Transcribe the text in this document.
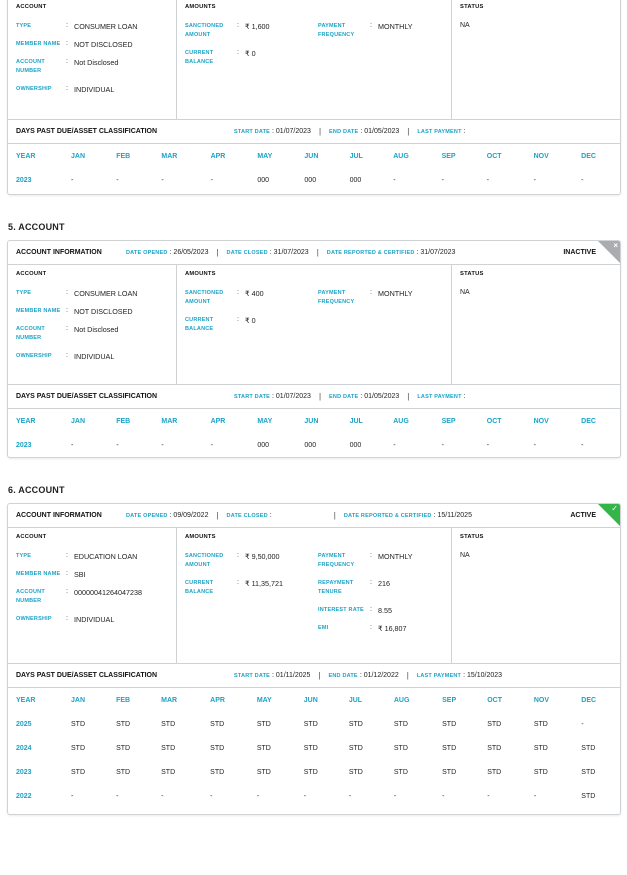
ACCOUNT
TYPE	: CONSUMER LOAN
MEMBER NAME : NOT DISCLOSED
ACCOUNT NUMBER
: Not Disclosed
OWNERSHIP	: INDIVIDUAL
AMOUNTS
SANCTIONED AMOUNT
: ₹ 1,600
CURRENT BALANCE
: ₹ 0
PAYMENT FREQUENCY
: MONTHLY
STATUS
NA
DAYS PAST DUE/ASSET CLASSIFICATION	START DATE : 01/07/2023 | END DATE : 01/05/2023 | LAST PAYMENT :
YEAR	JAN	FEB	MAR	APR	MAY	JUN	JUL	AUG	SEP	OCT	NOV	DEC
2023	-	-	-	-	000	000	000	-	-	-	-	-
5. ACCOUNT
ACCOUNT INFORMATION	DATE OPENED : 26/05/2023 | DATE CLOSED : 31/07/2023 | DATE REPORTED & CERTIFIED : 31/07/2023	INACTIVE
×
ACCOUNT
TYPE	: CONSUMER LOAN
MEMBER NAME : NOT DISCLOSED
ACCOUNT NUMBER
: Not Disclosed
OWNERSHIP	: INDIVIDUAL
AMOUNTS
SANCTIONED AMOUNT
: ₹ 400
CURRENT BALANCE
: ₹ 0
PAYMENT FREQUENCY
: MONTHLY
STATUS
NA
DAYS PAST DUE/ASSET CLASSIFICATION	START DATE : 01/07/2023 | END DATE : 01/05/2023 | LAST PAYMENT :
YEAR	JAN	FEB	MAR	APR	MAY	JUN	JUL	AUG	SEP	OCT	NOV	DEC
2023	-	-	-	-	000	000	000	-	-	-	-	-
6. ACCOUNT
ACCOUNT INFORMATION	DATE OPENED : 09/09/2022 | DATE CLOSED :	| DATE REPORTED & CERTIFIED : 15/11/2025	ACTIVE
✓
ACCOUNT
TYPE	: EDUCATION LOAN
MEMBER NAME : SBI
ACCOUNT NUMBER
: 00000041264047238
OWNERSHIP	: INDIVIDUAL
AMOUNTS
SANCTIONED AMOUNT
: ₹ 9,50,000
CURRENT BALANCE
: ₹ 11,35,721
PAYMENT FREQUENCY
: MONTHLY
REPAYMENT TENURE
: 216
INTEREST RATE : 8.55
EMI	: ₹ 16,807
STATUS
NA
DAYS PAST DUE/ASSET CLASSIFICATION	START DATE : 01/11/2025 | END DATE : 01/12/2022 | LAST PAYMENT : 15/10/2023
YEAR	JAN	FEB	MAR	APR	MAY	JUN	JUL	AUG	SEP	OCT	NOV	DEC
2025	STD	STD	STD	STD	STD	STD	STD	STD	STD	STD	STD	-
2024	STD	STD	STD	STD	STD	STD	STD	STD	STD	STD	STD	STD
2023	STD	STD	STD	STD	STD	STD	STD	STD	STD	STD	STD	STD
2022	-	-	-	-	-	-	-	-	-	-	-	STD
